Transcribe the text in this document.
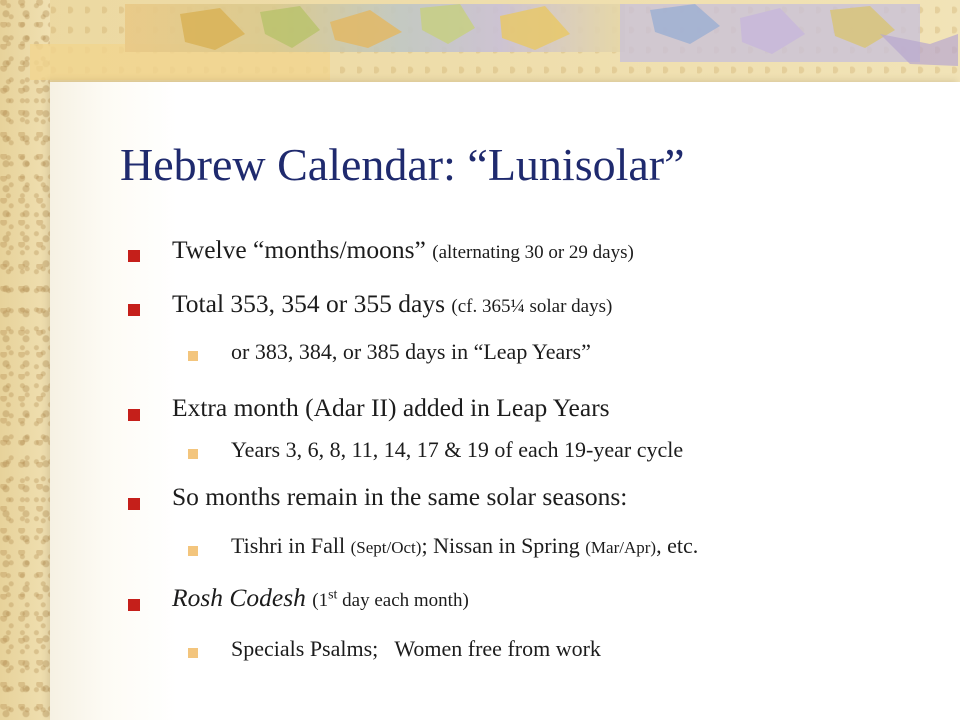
Hebrew Calendar: “Lunisolar”
Twelve “months/moons” (alternating 30 or 29 days)
Total 353, 354 or 355 days (cf. 365¼ solar days)
or 383, 384, or 385 days in “Leap Years”
Extra month (Adar II) added in Leap Years
Years 3, 6, 8, 11, 14, 17 & 19 of each 19-year cycle
So months remain in the same solar seasons:
Tishri in Fall (Sept/Oct); Nissan in Spring (Mar/Apr), etc.
Rosh Codesh (1st day each month)
Specials Psalms;   Women free from work
